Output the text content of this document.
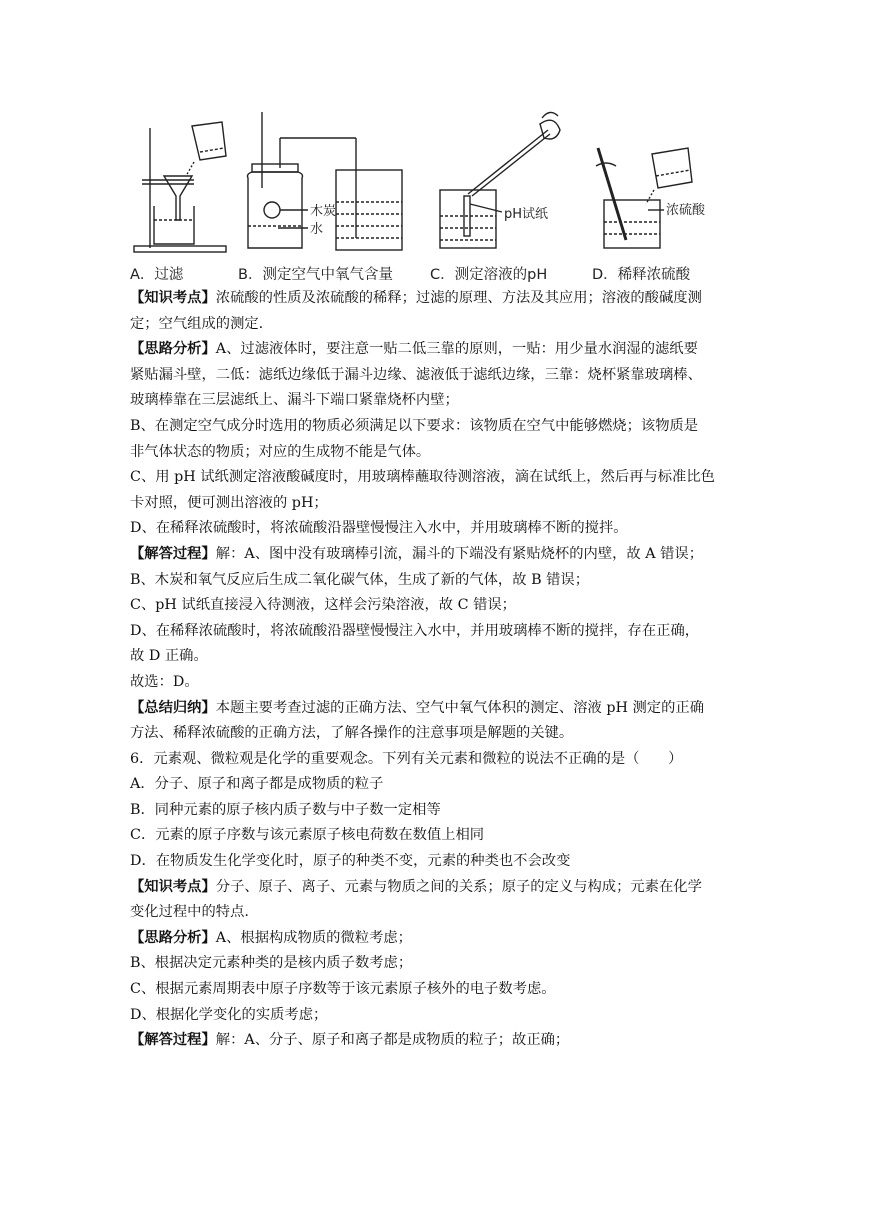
A．过滤
木炭
水
B．测定空气中氧气含量
pH试纸
C．测定溶液的pH
浓硫酸
D．稀释浓硫酸

【知识考点】浓硫酸的性质及浓硫酸的稀释；过滤的原理、方法及其应用；溶液的酸碱度测

定；空气组成的测定.

【思路分析】A、过滤液体时，要注意一贴二低三靠的原则，一贴：用少量水润湿的滤纸要

紧贴漏斗壁，二低：滤纸边缘低于漏斗边缘、滤液低于滤纸边缘，三靠：烧杯紧靠玻璃棒、

玻璃棒靠在三层滤纸上、漏斗下端口紧靠烧杯内壁；

B、在测定空气成分时选用的物质必须满足以下要求：该物质在空气中能够燃烧；该物质是

非气体状态的物质；对应的生成物不能是气体。

C、用 pH 试纸测定溶液酸碱度时，用玻璃棒蘸取待测溶液，滴在试纸上，然后再与标准比色

卡对照，便可测出溶液的 pH；

D、在稀释浓硫酸时，将浓硫酸沿器壁慢慢注入水中，并用玻璃棒不断的搅拌。

【解答过程】解：A、图中没有玻璃棒引流，漏斗的下端没有紧贴烧杯的内壁，故 A 错误；

B、木炭和氧气反应后生成二氧化碳气体，生成了新的气体，故 B 错误；

C、pH 试纸直接浸入待测液，这样会污染溶液，故 C 错误；

D、在稀释浓硫酸时，将浓硫酸沿器壁慢慢注入水中，并用玻璃棒不断的搅拌，存在正确，

故 D 正确。

故选：D。

【总结归纳】本题主要考查过滤的正确方法、空气中氧气体积的测定、溶液 pH 测定的正确

方法、稀释浓硫酸的正确方法，了解各操作的注意事项是解题的关键。

6．元素观、微粒观是化学的重要观念。下列有关元素和微粒的说法不正确的是（　　）

A．分子、原子和离子都是成物质的粒子

B．同种元素的原子核内质子数与中子数一定相等

C．元素的原子序数与该元素原子核电荷数在数值上相同

D．在物质发生化学变化时，原子的种类不变，元素的种类也不会改变

【知识考点】分子、原子、离子、元素与物质之间的关系；原子的定义与构成；元素在化学

变化过程中的特点.

【思路分析】A、根据构成物质的微粒考虑；

B、根据决定元素种类的是核内质子数考虑；

C、根据元素周期表中原子序数等于该元素原子核外的电子数考虑。

D、根据化学变化的实质考虑；

【解答过程】解：A、分子、原子和离子都是成物质的粒子；故正确；
